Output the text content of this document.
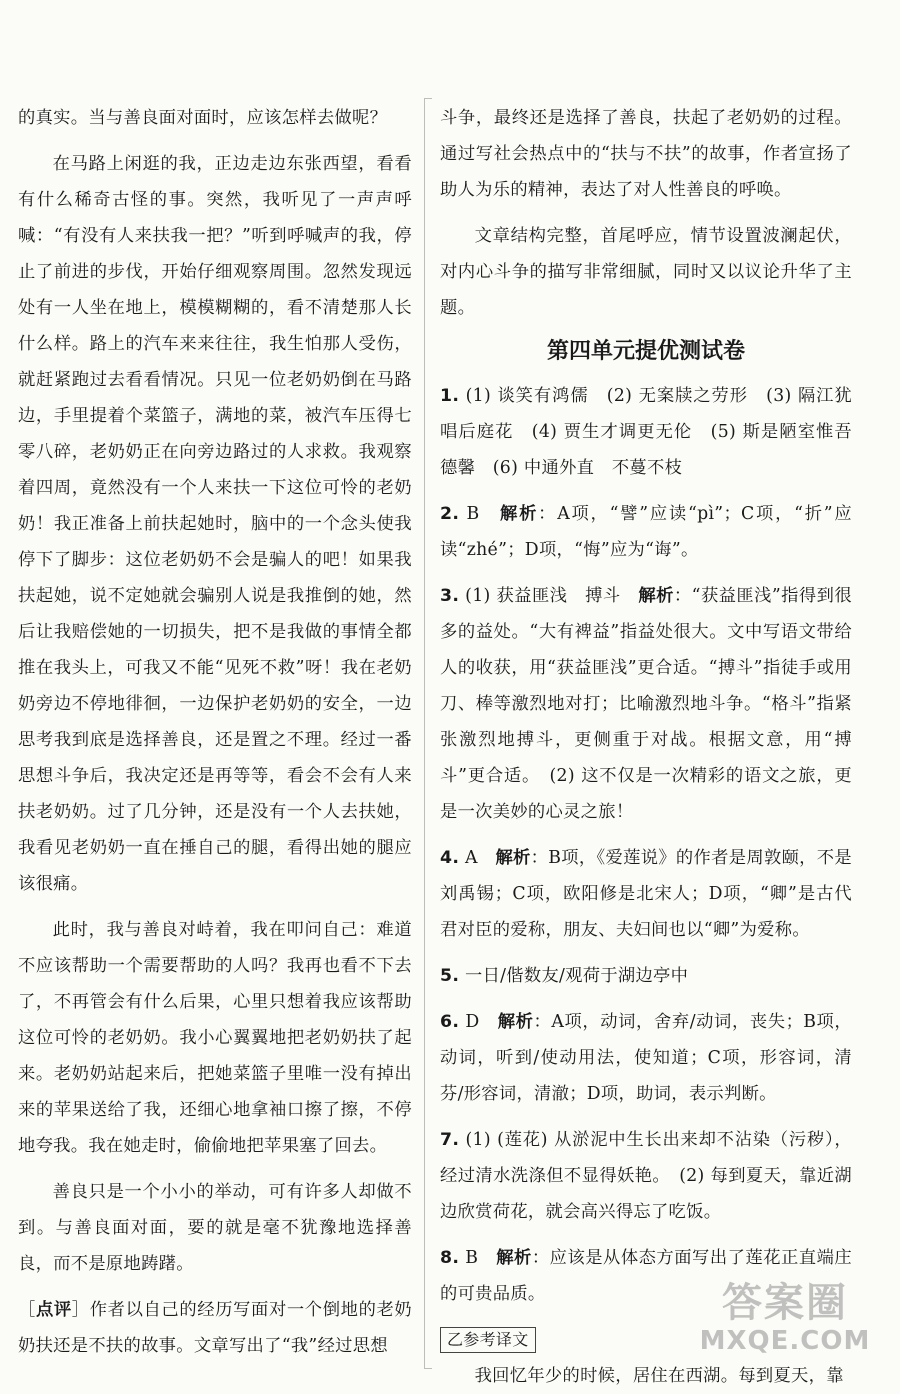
的真实。当与善良面对面时，应该怎样去做呢？

在马路上闲逛的我，正边走边东张西望，看看有什么稀奇古怪的事。突然，我听见了一声声呼喊：“有没有人来扶我一把？”听到呼喊声的我，停止了前进的步伐，开始仔细观察周围。忽然发现远处有一人坐在地上，模模糊糊的，看不清楚那人长什么样。路上的汽车来来往往，我生怕那人受伤，就赶紧跑过去看看情况。只见一位老奶奶倒在马路边，手里提着个菜篮子，满地的菜，被汽车压得七零八碎，老奶奶正在向旁边路过的人求救。我观察着四周，竟然没有一个人来扶一下这位可怜的老奶奶！我正准备上前扶起她时，脑中的一个念头使我停下了脚步：这位老奶奶不会是骗人的吧！如果我扶起她，说不定她就会骗别人说是我推倒的她，然后让我赔偿她的一切损失，把不是我做的事情全都推在我头上，可我又不能“见死不救”呀！我在老奶奶旁边不停地徘徊，一边保护老奶奶的安全，一边思考我到底是选择善良，还是置之不理。经过一番思想斗争后，我决定还是再等等，看会不会有人来扶老奶奶。过了几分钟，还是没有一个人去扶她，我看见老奶奶一直在捶自己的腿，看得出她的腿应该很痛。

此时，我与善良对峙着，我在叩问自己：难道不应该帮助一个需要帮助的人吗？我再也看不下去了，不再管会有什么后果，心里只想着我应该帮助这位可怜的老奶奶。我小心翼翼地把老奶奶扶了起来。老奶奶站起来后，把她菜篮子里唯一没有掉出来的苹果送给了我，还细心地拿袖口擦了擦，不停地夸我。我在她走时，偷偷地把苹果塞了回去。

善良只是一个小小的举动，可有许多人却做不到。与善良面对面，要的就是毫不犹豫地选择善良，而不是原地踌躇。

［点评］作者以自己的经历写面对一个倒地的老奶奶扶还是不扶的故事。文章写出了“我”经过思想

斗争，最终还是选择了善良，扶起了老奶奶的过程。通过写社会热点中的“扶与不扶”的故事，作者宣扬了助人为乐的精神，表达了对人性善良的呼唤。

文章结构完整，首尾呼应，情节设置波澜起伏，对内心斗争的描写非常细腻，同时又以议论升华了主题。

第四单元提优测试卷

1. (1) 谈笑有鸿儒　(2) 无案牍之劳形　(3) 隔江犹唱后庭花　(4) 贾生才调更无伦　(5) 斯是陋室惟吾德馨　(6) 中通外直　不蔓不枝

2. B　 解析：A项，“譬”应读“pì”；C项，“折”应读“zhé”；D项，“悔”应为“诲”。

3. (1) 获益匪浅　搏斗　 解析：“获益匪浅”指得到很多的益处。“大有裨益”指益处很大。文中写语文带给人的收获，用“获益匪浅”更合适。“搏斗”指徒手或用刀、棒等激烈地对打；比喻激烈地斗争。“格斗”指紧张激烈地搏斗，更侧重于对战。根据文意，用“搏斗”更合适。　(2) 这不仅是一次精彩的语文之旅，更是一次美妙的心灵之旅！

4. A　 解析：B项，《爱莲说》的作者是周敦颐，不是刘禹锡；C项，欧阳修是北宋人；D项，“卿”是古代君对臣的爱称，朋友、夫妇间也以“卿”为爱称。

5. 一日/偕数友/观荷于湖边亭中

6. D　 解析：A项，动词，舍弃/动词，丧失；B项，动词，听到/使动用法，使知道；C项，形容词，清芬/形容词，清澈；D项，助词，表示判断。

7. (1) (莲花) 从淤泥中生长出来却不沾染（污秽），经过清水洗涤但不显得妖艳。　(2) 每到夏天，靠近湖边欣赏荷花，就会高兴得忘了吃饭。

8. B　 解析：应该是从体态方面写出了莲花正直端庄的可贵品质。

乙参考译文

我回忆年少的时候，居住在西湖。每到夏天，靠

答案圈
MXQE.COM
